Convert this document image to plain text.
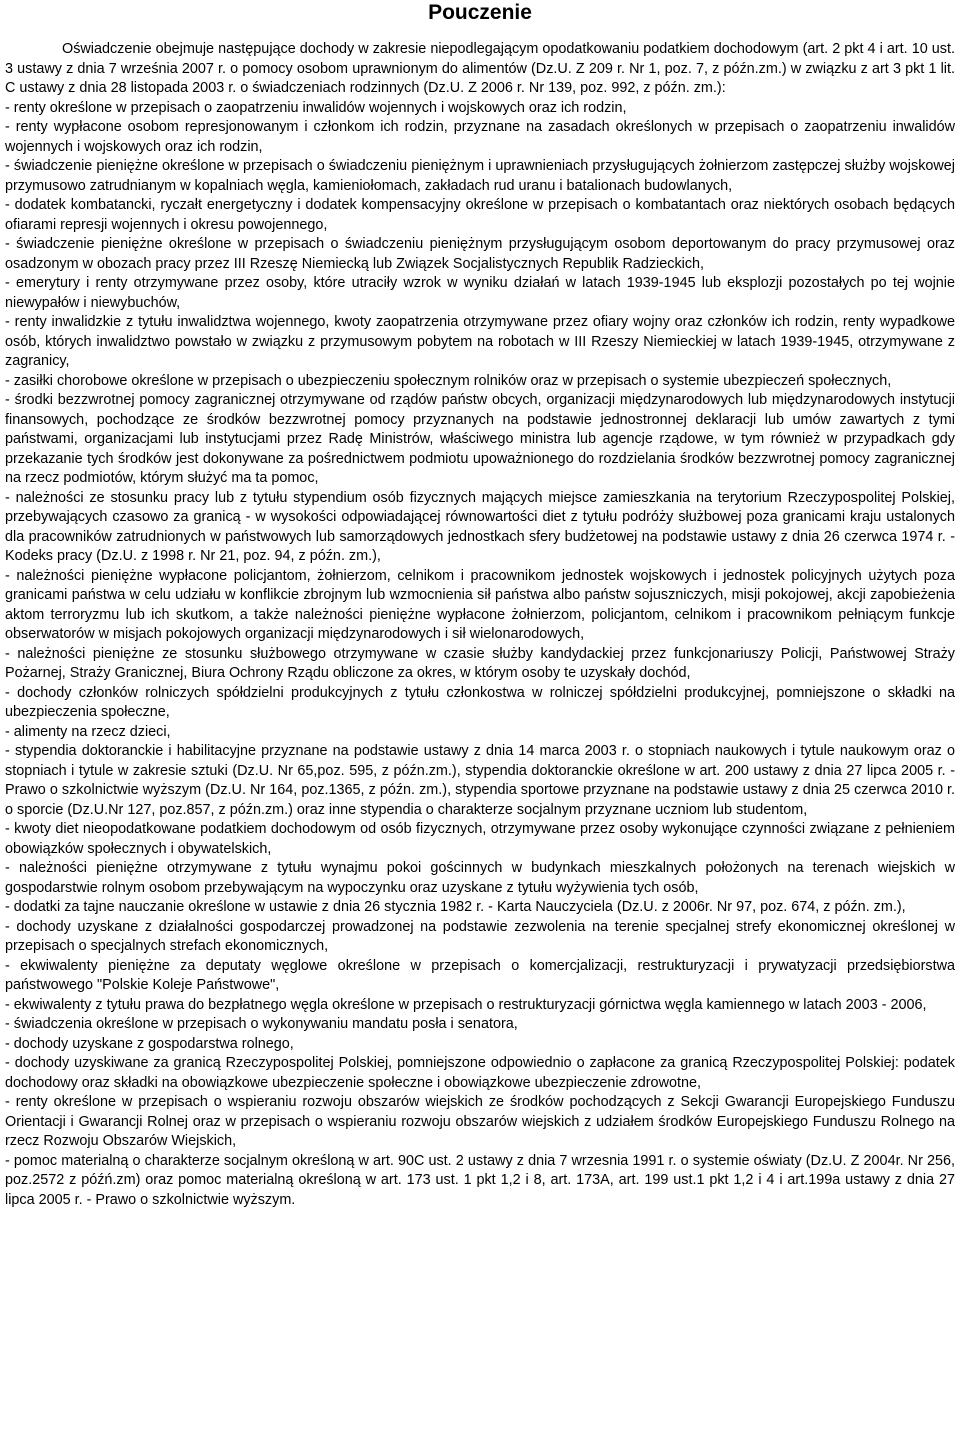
Pouczenie

Oświadczenie obejmuje następujące dochody w zakresie niepodlegającym opodatkowaniu podatkiem dochodowym (art. 2 pkt 4 i art. 10 ust. 3 ustawy z dnia 7 września 2007 r. o pomocy osobom uprawnionym do alimentów (Dz.U. Z 209 r. Nr 1, poz. 7, z późn.zm.) w związku z art 3 pkt 1 lit. C ustawy z dnia 28 listopada 2003 r. o świadczeniach rodzinnych (Dz.U. Z 2006 r. Nr 139, poz. 992, z późn. zm.):

- renty określone w przepisach o zaopatrzeniu inwalidów wojennych i wojskowych oraz ich rodzin,

- renty wypłacone osobom represjonowanym i członkom ich rodzin, przyznane na zasadach określonych w przepisach o zaopatrzeniu inwalidów wojennych i wojskowych oraz ich rodzin,

- świadczenie pieniężne określone w przepisach o świadczeniu pieniężnym i uprawnieniach przysługujących żołnierzom zastępczej służby wojskowej przymusowo zatrudnianym w kopalniach węgla, kamieniołomach, zakładach rud uranu i batalionach budowlanych,

- dodatek kombatancki, ryczałt energetyczny i dodatek kompensacyjny określone w przepisach o kombatantach oraz niektórych osobach będących ofiarami represji wojennych i okresu powojennego,

- świadczenie pieniężne określone w przepisach o świadczeniu pieniężnym przysługującym osobom deportowanym do pracy przymusowej oraz osadzonym w obozach pracy przez III Rzeszę Niemiecką lub Związek Socjalistycznych Republik Radzieckich,

- emerytury i renty otrzymywane przez osoby, które utraciły wzrok w wyniku działań w latach 1939-1945 lub eksplozji pozostałych po tej wojnie niewypałów i niewybuchów,

- renty inwalidzkie z tytułu inwalidztwa wojennego, kwoty zaopatrzenia otrzymywane przez ofiary wojny oraz członków ich rodzin, renty wypadkowe osób, których inwalidztwo powstało w związku z przymusowym pobytem na robotach w III Rzeszy Niemieckiej w latach 1939-1945, otrzymywane z zagranicy,

- zasiłki chorobowe określone w przepisach o ubezpieczeniu społecznym rolników oraz w przepisach o systemie ubezpieczeń społecznych,

- środki bezzwrotnej pomocy zagranicznej otrzymywane od rządów państw obcych, organizacji międzynarodowych lub międzynarodowych instytucji finansowych, pochodzące ze środków bezzwrotnej pomocy przyznanych na podstawie jednostronnej deklaracji lub umów zawartych z tymi państwami, organizacjami lub instytucjami przez Radę Ministrów, właściwego ministra lub agencje rządowe, w tym również w przypadkach gdy przekazanie tych środków jest dokonywane za pośrednictwem podmiotu upoważnionego do rozdzielania środków bezzwrotnej pomocy zagranicznej na rzecz podmiotów, którym służyć ma ta pomoc,

- należności ze stosunku pracy lub z tytułu stypendium osób fizycznych mających miejsce zamieszkania na terytorium Rzeczypospolitej Polskiej, przebywających czasowo za granicą - w wysokości odpowiadającej równowartości diet z tytułu podróży służbowej poza granicami kraju ustalonych dla pracowników zatrudnionych w państwowych lub samorządowych jednostkach sfery budżetowej na podstawie ustawy z dnia 26 czerwca 1974 r. - Kodeks pracy (Dz.U. z 1998 r. Nr 21, poz. 94, z późn. zm.),

- należności pieniężne wypłacone policjantom, żołnierzom, celnikom i pracownikom jednostek wojskowych i jednostek policyjnych użytych poza granicami państwa w celu udziału w konflikcie zbrojnym lub wzmocnienia sił państwa albo państw sojuszniczych, misji pokojowej, akcji zapobieżenia aktom terroryzmu lub ich skutkom, a także należności pieniężne wypłacone żołnierzom, policjantom, celnikom i pracownikom pełniącym funkcje obserwatorów w misjach pokojowych organizacji międzynarodowych i sił wielonarodowych,

- należności pieniężne ze stosunku służbowego otrzymywane w czasie służby kandydackiej przez funkcjonariuszy Policji, Państwowej Straży Pożarnej, Straży Granicznej, Biura Ochrony Rządu obliczone za okres, w którym osoby te uzyskały dochód,

- dochody członków rolniczych spółdzielni produkcyjnych z tytułu członkostwa w rolniczej spółdzielni produkcyjnej, pomniejszone o składki na ubezpieczenia społeczne,

- alimenty na rzecz dzieci,

- stypendia doktoranckie i habilitacyjne przyznane na podstawie ustawy z dnia 14 marca 2003 r. o stopniach naukowych i tytule naukowym oraz o stopniach i tytule w zakresie sztuki (Dz.U. Nr 65,poz. 595, z późn.zm.), stypendia doktoranckie określone w art. 200 ustawy z dnia 27 lipca 2005 r. - Prawo o szkolnictwie wyższym (Dz.U. Nr 164, poz.1365, z późn. zm.), stypendia sportowe przyznane na podstawie ustawy z dnia 25 czerwca 2010 r. o sporcie (Dz.U.Nr 127, poz.857, z późn.zm.) oraz inne stypendia o charakterze socjalnym przyznane uczniom lub studentom,

- kwoty diet nieopodatkowane podatkiem dochodowym od osób fizycznych, otrzymywane przez osoby wykonujące czynności związane z pełnieniem obowiązków społecznych i obywatelskich,

- należności pieniężne otrzymywane z tytułu wynajmu pokoi gościnnych w budynkach mieszkalnych położonych na terenach wiejskich w gospodarstwie rolnym osobom przebywającym na wypoczynku oraz uzyskane z tytułu wyżywienia tych osób,

- dodatki za tajne nauczanie określone w ustawie z dnia 26 stycznia 1982 r. - Karta Nauczyciela (Dz.U. z 2006r. Nr 97, poz. 674, z późn. zm.),

- dochody uzyskane z działalności gospodarczej prowadzonej na podstawie zezwolenia na terenie specjalnej strefy ekonomicznej określonej w przepisach o specjalnych strefach ekonomicznych,

- ekwiwalenty pieniężne za deputaty węglowe określone w przepisach o komercjalizacji, restrukturyzacji i prywatyzacji przedsiębiorstwa państwowego "Polskie Koleje Państwowe",

- ekwiwalenty z tytułu prawa do bezpłatnego węgla określone w przepisach o restrukturyzacji górnictwa węgla kamiennego w latach 2003 - 2006,

- świadczenia określone w przepisach o wykonywaniu mandatu posła i senatora,

- dochody uzyskane z gospodarstwa rolnego,

- dochody uzyskiwane za granicą Rzeczypospolitej Polskiej, pomniejszone odpowiednio o zapłacone za granicą Rzeczypospolitej Polskiej: podatek dochodowy oraz składki na obowiązkowe ubezpieczenie społeczne i obowiązkowe ubezpieczenie zdrowotne,

- renty określone w przepisach o wspieraniu rozwoju obszarów wiejskich ze środków pochodzących z Sekcji Gwarancji Europejskiego Funduszu Orientacji i Gwarancji Rolnej oraz w przepisach o wspieraniu rozwoju obszarów wiejskich z udziałem środków Europejskiego Funduszu Rolnego na rzecz Rozwoju Obszarów Wiejskich,

- pomoc materialną o charakterze socjalnym określoną w art. 90C ust. 2 ustawy z dnia 7 wrzesnia 1991 r. o systemie oświaty (Dz.U. Z 2004r. Nr 256, poz.2572 z późń.zm) oraz pomoc materialną określoną w art. 173 ust. 1 pkt 1,2 i 8, art. 173A, art. 199 ust.1 pkt 1,2 i 4 i art.199a ustawy z dnia 27 lipca 2005 r. - Prawo o szkolnictwie wyższym.
